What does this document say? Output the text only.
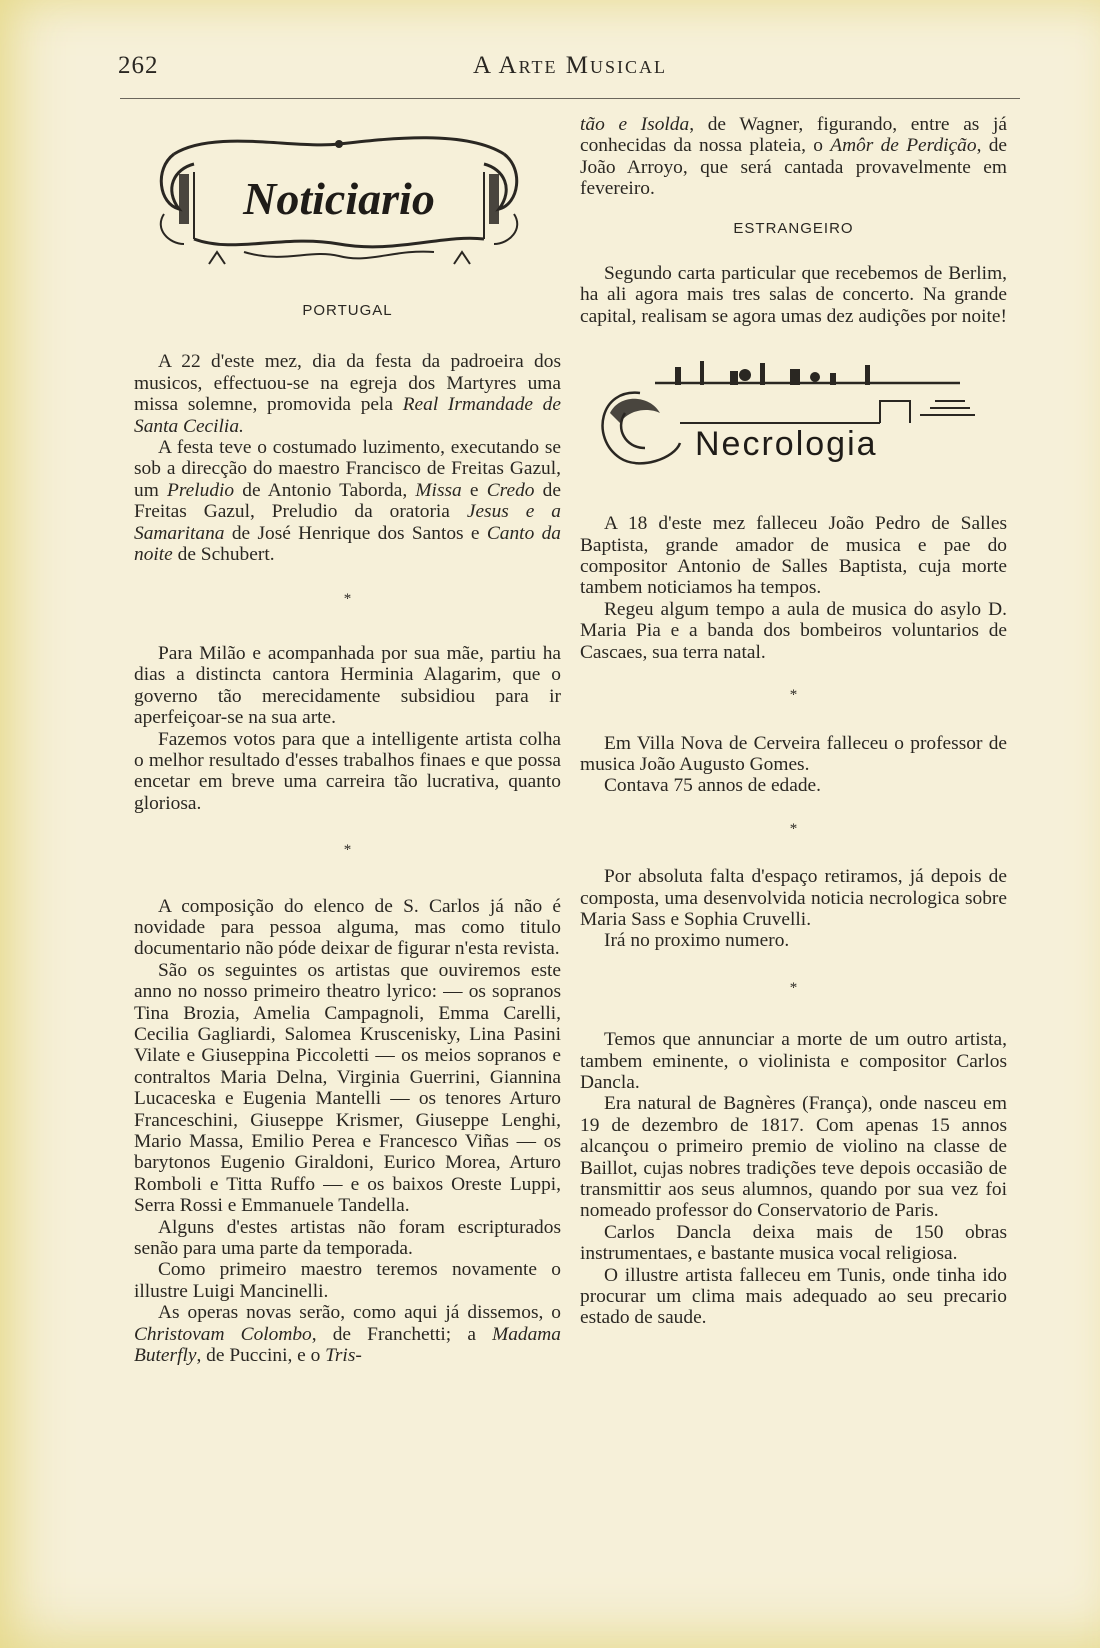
262	A Arte Musical
Noticiario
PORTUGAL

A 22 d'este mez, dia da festa da padroeira dos musicos, effectuou-se na egreja dos Martyres uma missa solemne, promovida pela Real Irmandade de Santa Cecilia.

A festa teve o costumado luzimento, executando se sob a direcção do maestro Francisco de Freitas Gazul, um Preludio de Antonio Taborda, Missa e Credo de Freitas Gazul, Preludio da oratoria Jesus e a Samaritana de José Henrique dos Santos e Canto da noite de Schubert.

*

Para Milão e acompanhada por sua mãe, partiu ha dias a distincta cantora Herminia Alagarim, que o governo tão merecidamente subsidiou para ir aperfeiçoar-se na sua arte.

Fazemos votos para que a intelligente artista colha o melhor resultado d'esses trabalhos finaes e que possa encetar em breve uma carreira tão lucrativa, quanto gloriosa.

*

A composição do elenco de S. Carlos já não é novidade para pessoa alguma, mas como titulo documentario não póde deixar de figurar n'esta revista.

São os seguintes os artistas que ouviremos este anno no nosso primeiro theatro lyrico: — os sopranos Tina Brozia, Amelia Campagnoli, Emma Carelli, Cecilia Gagliardi, Salomea Kruscenisky, Lina Pasini Vilate e Giuseppina Piccoletti — os meios sopranos e contraltos Maria Delna, Virginia Guerrini, Giannina Lucaceska e Eugenia Mantelli — os tenores Arturo Franceschini, Giuseppe Krismer, Giuseppe Lenghi, Mario Massa, Emilio Perea e Francesco Viñas — os barytonos Eugenio Giraldoni, Eurico Morea, Arturo Romboli e Titta Ruffo — e os baixos Oreste Luppi, Serra Rossi e Emmanuele Tandella.

Alguns d'estes artistas não foram escripturados senão para uma parte da temporada.

Como primeiro maestro teremos novamente o illustre Luigi Mancinelli.

As operas novas serão, como aqui já dissemos, o Christovam Colombo, de Franchetti; a Madama Buterfly, de Puccini, e o Tris-

tão e Isolda, de Wagner, figurando, entre as já conhecidas da nossa plateia, o Amôr de Perdição, de João Arroyo, que será cantada provavelmente em fevereiro.

ESTRANGEIRO

Segundo carta particular que recebemos de Berlim, ha ali agora mais tres salas de concerto. Na grande capital, realisam se agora umas dez audições por noite!

Necrologia

A 18 d'este mez falleceu João Pedro de Salles Baptista, grande amador de musica e pae do compositor Antonio de Salles Baptista, cuja morte tambem noticiamos ha tempos.

Regeu algum tempo a aula de musica do asylo D. Maria Pia e a banda dos bombeiros voluntarios de Cascaes, sua terra natal.

*

Em Villa Nova de Cerveira falleceu o professor de musica João Augusto Gomes.

Contava 75 annos de edade.

*

Por absoluta falta d'espaço retiramos, já depois de composta, uma desenvolvida noticia necrologica sobre Maria Sass e Sophia Cruvelli.

Irá no proximo numero.

*

Temos que annunciar a morte de um outro artista, tambem eminente, o violinista e compositor Carlos Dancla.

Era natural de Bagnères (França), onde nasceu em 19 de dezembro de 1817. Com apenas 15 annos alcançou o primeiro premio de violino na classe de Baillot, cujas nobres tradições teve depois occasião de transmittir aos seus alumnos, quando por sua vez foi nomeado professor do Conservatorio de Paris.

Carlos Dancla deixa mais de 150 obras instrumentaes, e bastante musica vocal religiosa.

O illustre artista falleceu em Tunis, onde tinha ido procurar um clima mais adequado ao seu precario estado de saude.
